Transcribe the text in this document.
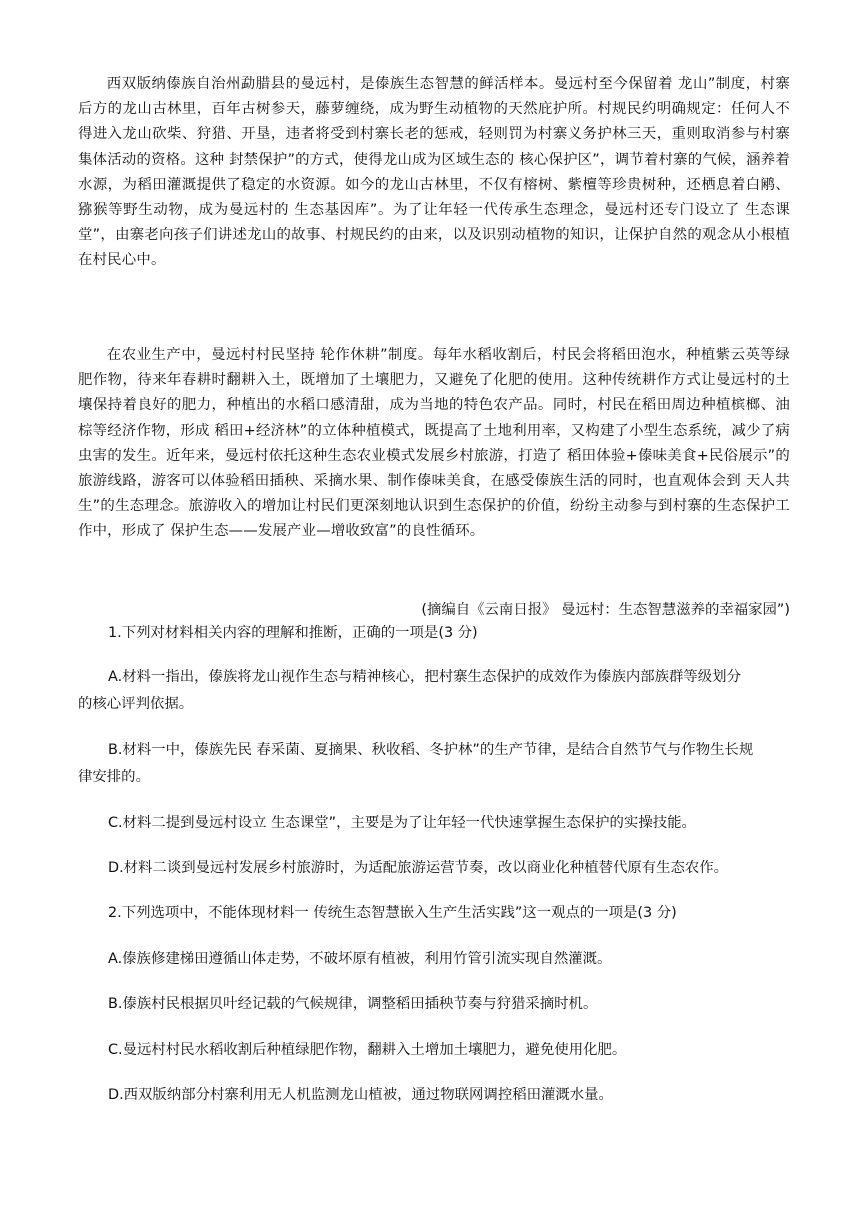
西双版纳傣族自治州勐腊县的曼远村，是傣族生态智慧的鲜活样本。曼远村至今保留着 龙山”制度，村寨后方的龙山古林里，百年古树参天，藤萝缠绕，成为野生动植物的天然庇护所。村规民约明确规定：任何人不得进入龙山砍柴、狩猎、开垦，违者将受到村寨长老的惩戒，轻则罚为村寨义务护林三天，重则取消参与村寨集体活动的资格。这种 封禁保护”的方式，使得龙山成为区域生态的 核心保护区”，调节着村寨的气候，涵养着水源，为稻田灌溉提供了稳定的水资源。如今的龙山古林里，不仅有榕树、紫檀等珍贵树种，还栖息着白鹇、猕猴等野生动物，成为曼远村的 生态基因库”。为了让年轻一代传承生态理念，曼远村还专门设立了 生态课堂”，由寨老向孩子们讲述龙山的故事、村规民约的由来，以及识别动植物的知识，让保护自然的观念从小根植在村民心中。

在农业生产中，曼远村村民坚持 轮作休耕”制度。每年水稻收割后，村民会将稻田泡水，种植紫云英等绿肥作物，待来年春耕时翻耕入土，既增加了土壤肥力，又避免了化肥的使用。这种传统耕作方式让曼远村的土壤保持着良好的肥力，种植出的水稻口感清甜，成为当地的特色农产品。同时，村民在稻田周边种植槟榔、油棕等经济作物，形成 稻田+经济林”的立体种植模式，既提高了土地利用率，又构建了小型生态系统，减少了病虫害的发生。近年来，曼远村依托这种生态农业模式发展乡村旅游，打造了 稻田体验+傣味美食+民俗展示”的旅游线路，游客可以体验稻田插秧、采摘水果、制作傣味美食，在感受傣族生活的同时，也直观体会到 天人共生”的生态理念。旅游收入的增加让村民们更深刻地认识到生态保护的价值，纷纷主动参与到村寨的生态保护工作中，形成了 保护生态——发展产业—增收致富”的良性循环。

(摘编自《云南日报》 曼远村：生态智慧滋养的幸福家园”)

1.下列对材料相关内容的理解和推断，正确的一项是(3 分)

A.材料一指出，傣族将龙山视作生态与精神核心，把村寨生态保护的成效作为傣族内部族群等级划分
的核心评判依据。

B.材料一中，傣族先民 春采菌、夏摘果、秋收稻、冬护林”的生产节律，是结合自然节气与作物生长规
律安排的。

C.材料二提到曼远村设立 生态课堂”，主要是为了让年轻一代快速掌握生态保护的实操技能。

D.材料二谈到曼远村发展乡村旅游时，为适配旅游运营节奏，改以商业化种植替代原有生态农作。

2.下列选项中，不能体现材料一 传统生态智慧嵌入生产生活实践”这一观点的一项是(3 分)

A.傣族修建梯田遵循山体走势，不破坏原有植被，利用竹管引流实现自然灌溉。

B.傣族村民根据贝叶经记载的气候规律，调整稻田插秧节奏与狩猎采摘时机。

C.曼远村村民水稻收割后种植绿肥作物，翻耕入土增加土壤肥力，避免使用化肥。

D.西双版纳部分村寨利用无人机监测龙山植被，通过物联网调控稻田灌溉水量。
